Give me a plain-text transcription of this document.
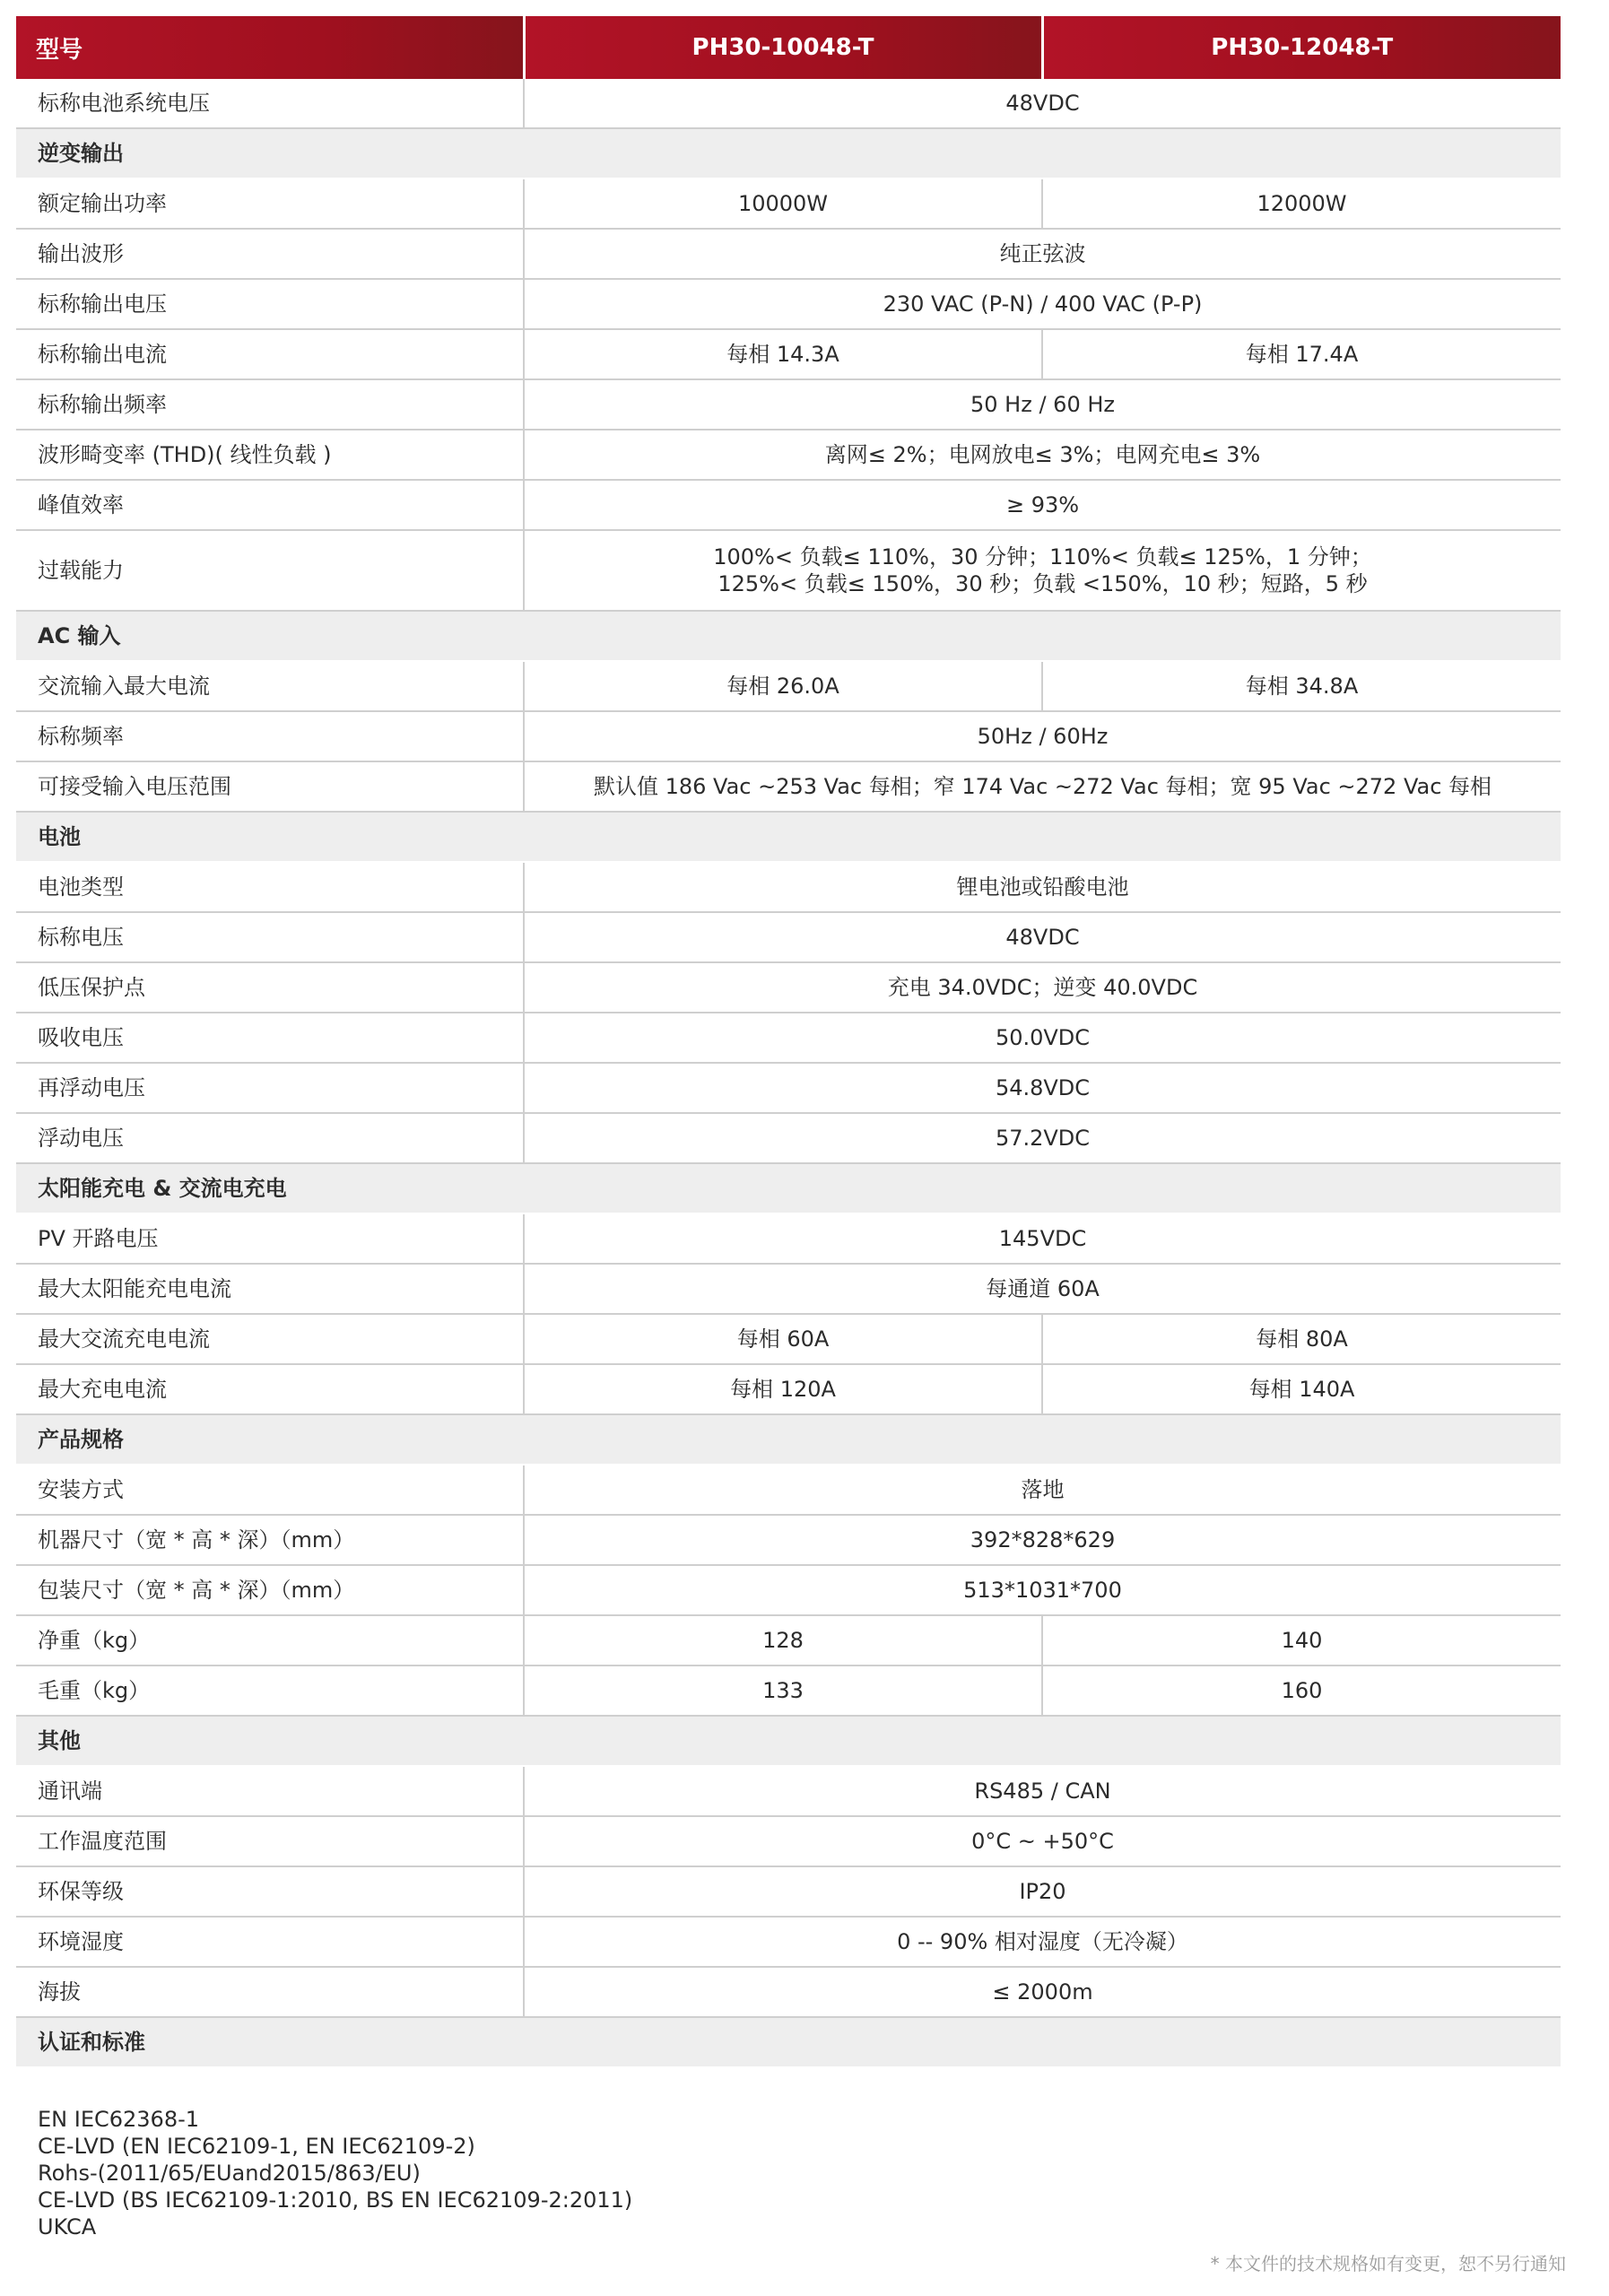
型号	PH30-10048-T	PH30-12048-T
标称电池系统电压	48VDC	
逆变输出		
额定输出功率	10000W	12000W
输出波形	纯正弦波	
标称输出电压	230 VAC (P-N) / 400 VAC (P-P)	
标称输出电流	每相 14.3A	每相 17.4A
标称输出频率	50 Hz / 60 Hz	
波形畸变率 (THD)( 线性负载 )	离网≤ 2%；电网放电≤ 3%；电网充电≤ 3%	
峰值效率	≥ 93%	
过载能力	100%< 负载≤ 110%，30 分钟；110%< 负载≤ 125%，1 分钟；
125%< 负载≤ 150%，30 秒；负载 <150%，10 秒；短路，5 秒	

AC 输入		
交流输入最大电流	每相 26.0A	每相 34.8A
标称频率	50Hz / 60Hz	
可接受输入电压范围	默认值 186 Vac ~253 Vac 每相；窄 174 Vac ~272 Vac 每相；宽 95 Vac ~272 Vac 每相	
电池		
电池类型	锂电池或铅酸电池	
标称电压	48VDC	
低压保护点	充电 34.0VDC；逆变 40.0VDC	
吸收电压	50.0VDC	
再浮动电压	54.8VDC	
浮动电压	57.2VDC	
太阳能充电 & 交流电充电		
PV 开路电压	145VDC	
最大太阳能充电电流	每通道 60A	
最大交流充电电流	每相 60A	每相 80A
最大充电电流	每相 120A	每相 140A
产品规格		
安装方式	落地	
机器尺寸（宽 * 高 * 深）（mm）	392*828*629	
包装尺寸（宽 * 高 * 深）（mm）	513*1031*700	
净重（kg）	128	140
毛重（kg）	133	160
其他		
通讯端	RS485 / CAN	
工作温度范围	0°C ~ +50°C	
环保等级	IP20	
环境湿度	0 -- 90% 相对湿度（无冷凝）	
海拔	≤ 2000m	
认证和标准		
EN IEC62368-1
CE-LVD (EN IEC62109-1, EN IEC62109-2)
Rohs-(2011/65/EUand2015/863/EU)
CE-LVD (BS IEC62109-1:2010, BS EN IEC62109-2:2011)
UKCA
* 本文件的技术规格如有变更，恕不另行通知
